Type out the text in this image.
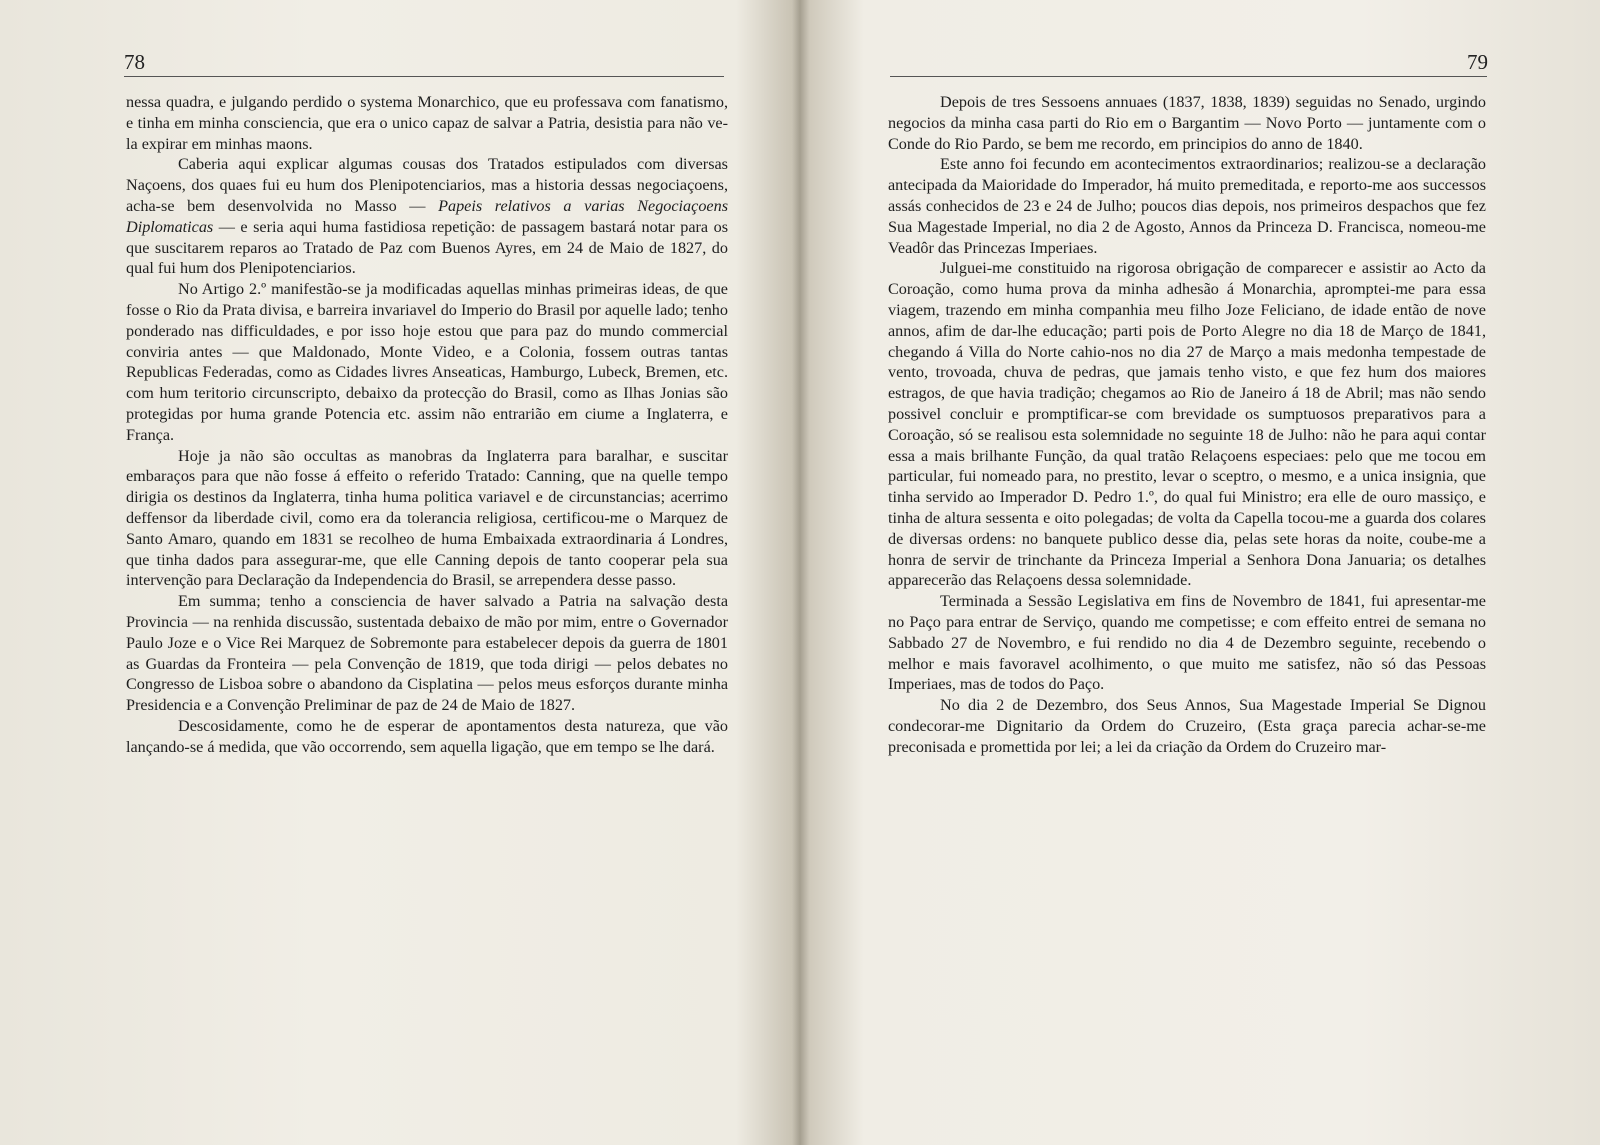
78

nessa quadra, e julgando perdido o systema Monarchico, que eu professava com fanatismo, e tinha em minha consciencia, que era o unico capaz de salvar a Patria, desistia para não ve-la expirar em minhas maons.

Caberia aqui explicar algumas cousas dos Tratados estipulados com diversas Naçoens, dos quaes fui eu hum dos Plenipotenciarios, mas a historia dessas negociaçoens, acha-se bem desenvolvida no Masso — Papeis relativos a varias Negociaçoens Diplomaticas — e seria aqui huma fastidiosa repetição: de passagem bastará notar para os que suscitarem reparos ao Tratado de Paz com Buenos Ayres, em 24 de Maio de 1827, do qual fui hum dos Plenipotenciarios.

No Artigo 2.º manifestão-se ja modificadas aquellas minhas primeiras ideas, de que fosse o Rio da Prata divisa, e barreira invariavel do Imperio do Brasil por aquelle lado; tenho ponderado nas difficuldades, e por isso hoje estou que para paz do mundo commercial conviria antes — que Maldonado, Monte Video, e a Colonia, fossem outras tantas Republicas Federadas, como as Cidades livres Anseaticas, Hamburgo, Lubeck, Bremen, etc. com hum teritorio circunscripto, debaixo da protecção do Brasil, como as Ilhas Jonias são protegidas por huma grande Potencia etc. assim não entrarião em ciume a Inglaterra, e França.

Hoje ja não são occultas as manobras da Inglaterra para baralhar, e suscitar embaraços para que não fosse á effeito o referido Tratado: Canning, que na quelle tempo dirigia os destinos da Inglaterra, tinha huma politica variavel e de circunstancias; acerrimo deffensor da liberdade civil, como era da tolerancia religiosa, certificou-me o Marquez de Santo Amaro, quando em 1831 se recolheo de huma Embaixada extraordinaria á Londres, que tinha dados para assegurar-me, que elle Canning depois de tanto cooperar pela sua intervenção para Declaração da Independencia do Brasil, se arrependera desse passo.

Em summa; tenho a consciencia de haver salvado a Patria na salvação desta Provincia — na renhida discussão, sustentada debaixo de mão por mim, entre o Governador Paulo Joze e o Vice Rei Marquez de Sobremonte para estabelecer depois da guerra de 1801 as Guardas da Fronteira — pela Convenção de 1819, que toda dirigi — pelos debates no Congresso de Lisboa sobre o abandono da Cisplatina — pelos meus esforços durante minha Presidencia e a Convenção Preliminar de paz de 24 de Maio de 1827.

Descosidamente, como he de esperar de apontamentos desta natureza, que vão lançando-se á medida, que vão occorrendo, sem aquella ligação, que em tempo se lhe dará.

79

Depois de tres Sessoens annuaes (1837, 1838, 1839) seguidas no Senado, urgindo negocios da minha casa parti do Rio em o Bargantim — Novo Porto — juntamente com o Conde do Rio Pardo, se bem me recordo, em principios do anno de 1840.

Este anno foi fecundo em acontecimentos extraordinarios; realizou-se a declaração antecipada da Maioridade do Imperador, há muito premeditada, e reporto-me aos successos assás conhecidos de 23 e 24 de Julho; poucos dias depois, nos primeiros despachos que fez Sua Magestade Imperial, no dia 2 de Agosto, Annos da Princeza D. Francisca, nomeou-me Veadôr das Princezas Imperiaes.

Julguei-me constituido na rigorosa obrigação de comparecer e assistir ao Acto da Coroação, como huma prova da minha adhesão á Monarchia, apromptei-me para essa viagem, trazendo em minha companhia meu filho Joze Feliciano, de idade então de nove annos, afim de dar-lhe educação; parti pois de Porto Alegre no dia 18 de Março de 1841, chegando á Villa do Norte cahio-nos no dia 27 de Março a mais medonha tempestade de vento, trovoada, chuva de pedras, que jamais tenho visto, e que fez hum dos maiores estragos, de que havia tradição; chegamos ao Rio de Janeiro á 18 de Abril; mas não sendo possivel concluir e promptificar-se com brevidade os sumptuosos preparativos para a Coroação, só se realisou esta solemnidade no seguinte 18 de Julho: não he para aqui contar essa a mais brilhante Função, da qual tratão Relaçoens especiaes: pelo que me tocou em particular, fui nomeado para, no prestito, levar o sceptro, o mesmo, e a unica insignia, que tinha servido ao Imperador D. Pedro 1.º, do qual fui Ministro; era elle de ouro massiço, e tinha de altura sessenta e oito polegadas; de volta da Capella tocou-me a guarda dos colares de diversas ordens: no banquete publico desse dia, pelas sete horas da noite, coube-me a honra de servir de trinchante da Princeza Imperial a Senhora Dona Januaria; os detalhes apparecerão das Relaçoens dessa solemnidade.

Terminada a Sessão Legislativa em fins de Novembro de 1841, fui apresentar-me no Paço para entrar de Serviço, quando me competisse; e com effeito entrei de semana no Sabbado 27 de Novembro, e fui rendido no dia 4 de Dezembro seguinte, recebendo o melhor e mais favoravel acolhimento, o que muito me satisfez, não só das Pessoas Imperiaes, mas de todos do Paço.

No dia 2 de Dezembro, dos Seus Annos, Sua Magestade Imperial Se Dignou condecorar-me Dignitario da Ordem do Cruzeiro, (Esta graça parecia achar-se-me preconisada e promettida por lei; a lei da criação da Ordem do Cruzeiro mar-
